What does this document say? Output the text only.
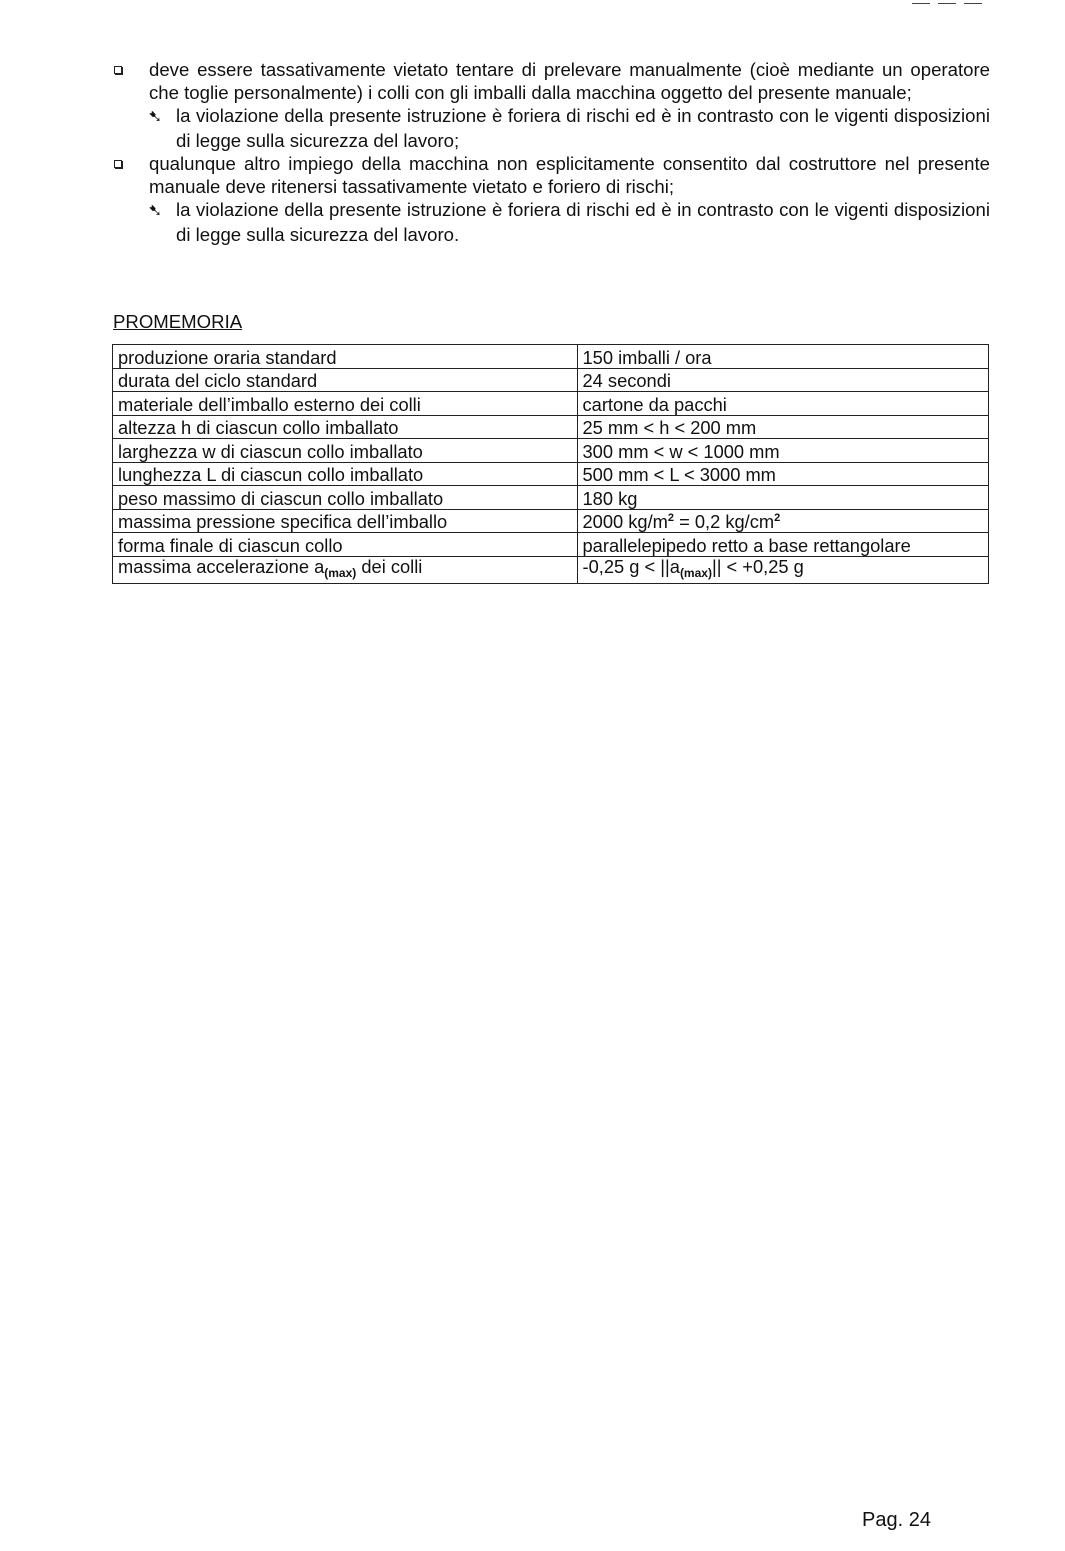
deve essere tassativamente vietato tentare di prelevare manualmente (cioè mediante un operatore che toglie personalmente) i colli con gli imballi dalla macchina oggetto del presente manuale;
➷ la violazione della presente istruzione è foriera di rischi ed è in contrasto con le vigenti disposizioni di legge sulla sicurezza del lavoro;
qualunque altro impiego della macchina non esplicitamente consentito dal costruttore nel presente manuale deve ritenersi tassativamente vietato e foriero di rischi;
➷ la violazione della presente istruzione è foriera di rischi ed è in contrasto con le vigenti disposizioni di legge sulla sicurezza del lavoro.
PROMEMORIA
produzione oraria standard	150 imballi / ora
durata del ciclo standard	24 secondi
materiale dell’imballo esterno dei colli	cartone da pacchi
altezza h di ciascun collo imballato	25 mm < h < 200 mm
larghezza w di ciascun collo imballato	300 mm < w < 1000 mm
lunghezza L di ciascun collo imballato	500 mm < L < 3000 mm
peso massimo di ciascun collo imballato	180 kg
massima pressione specifica dell’imballo	2000 $kg/m^2 = 0,2$ $kg/cm^2$
forma finale di ciascun collo	parallelepipedo retto a base rettangolare
massima accelerazione $a_{(max)}$ dei colli	-0,25 $g < ||a_{(max)}|| < +0,25$ g
Pag. 24
